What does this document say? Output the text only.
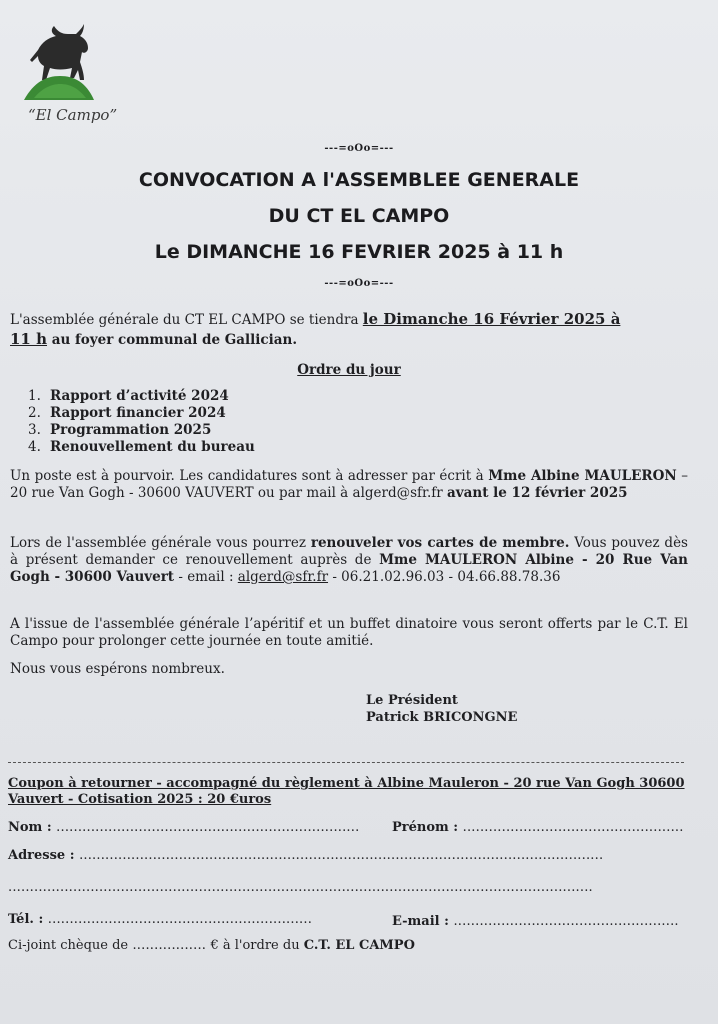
“El Campo”
---=oOo=---
CONVOCATION A l'ASSEMBLEE GENERALE
DU CT EL CAMPO
Le DIMANCHE 16 FEVRIER 2025 à 11 h
---=oOo=---
L'assemblée générale du CT EL CAMPO se tiendra le Dimanche 16 Février 2025 à
11 h au foyer communal de Gallician.
Ordre du jour
1. Rapport d’activité 2024
2. Rapport financier 2024
3. Programmation 2025
4. Renouvellement du bureau
Un poste est à pourvoir. Les candidatures sont à adresser par écrit à Mme Albine MAULERON – 20 rue Van Gogh - 30600 VAUVERT ou par mail à algerd@sfr.fr avant le 12 février 2025
Lors de l'assemblée générale vous pourrez renouveler vos cartes de membre. Vous pouvez dès à présent demander ce renouvellement auprès de Mme MAULERON Albine - 20 Rue Van Gogh - 30600 Vauvert - email : algerd@sfr.fr - 06.21.02.96.03 - 04.66.88.78.36
A l'issue de l'assemblée générale l’apéritif et un buffet dinatoire vous seront offerts par le C.T. El Campo pour prolonger cette journée en toute amitié.
Nous vous espérons nombreux.
Le Président
Patrick BRICONGNE
Coupon à retourner - accompagné du règlement à Albine Mauleron - 20 rue Van Gogh 30600 Vauvert - Cotisation 2025 : 20 €uros
Nom : ......................................................................	Prénom : ...................................................
Adresse : .........................................................................................................................
.......................................................................................................................................
Tél. : .............................................................	E-mail : ....................................................
Ci-joint chèque de ................. € à l'ordre du C.T. EL CAMPO
